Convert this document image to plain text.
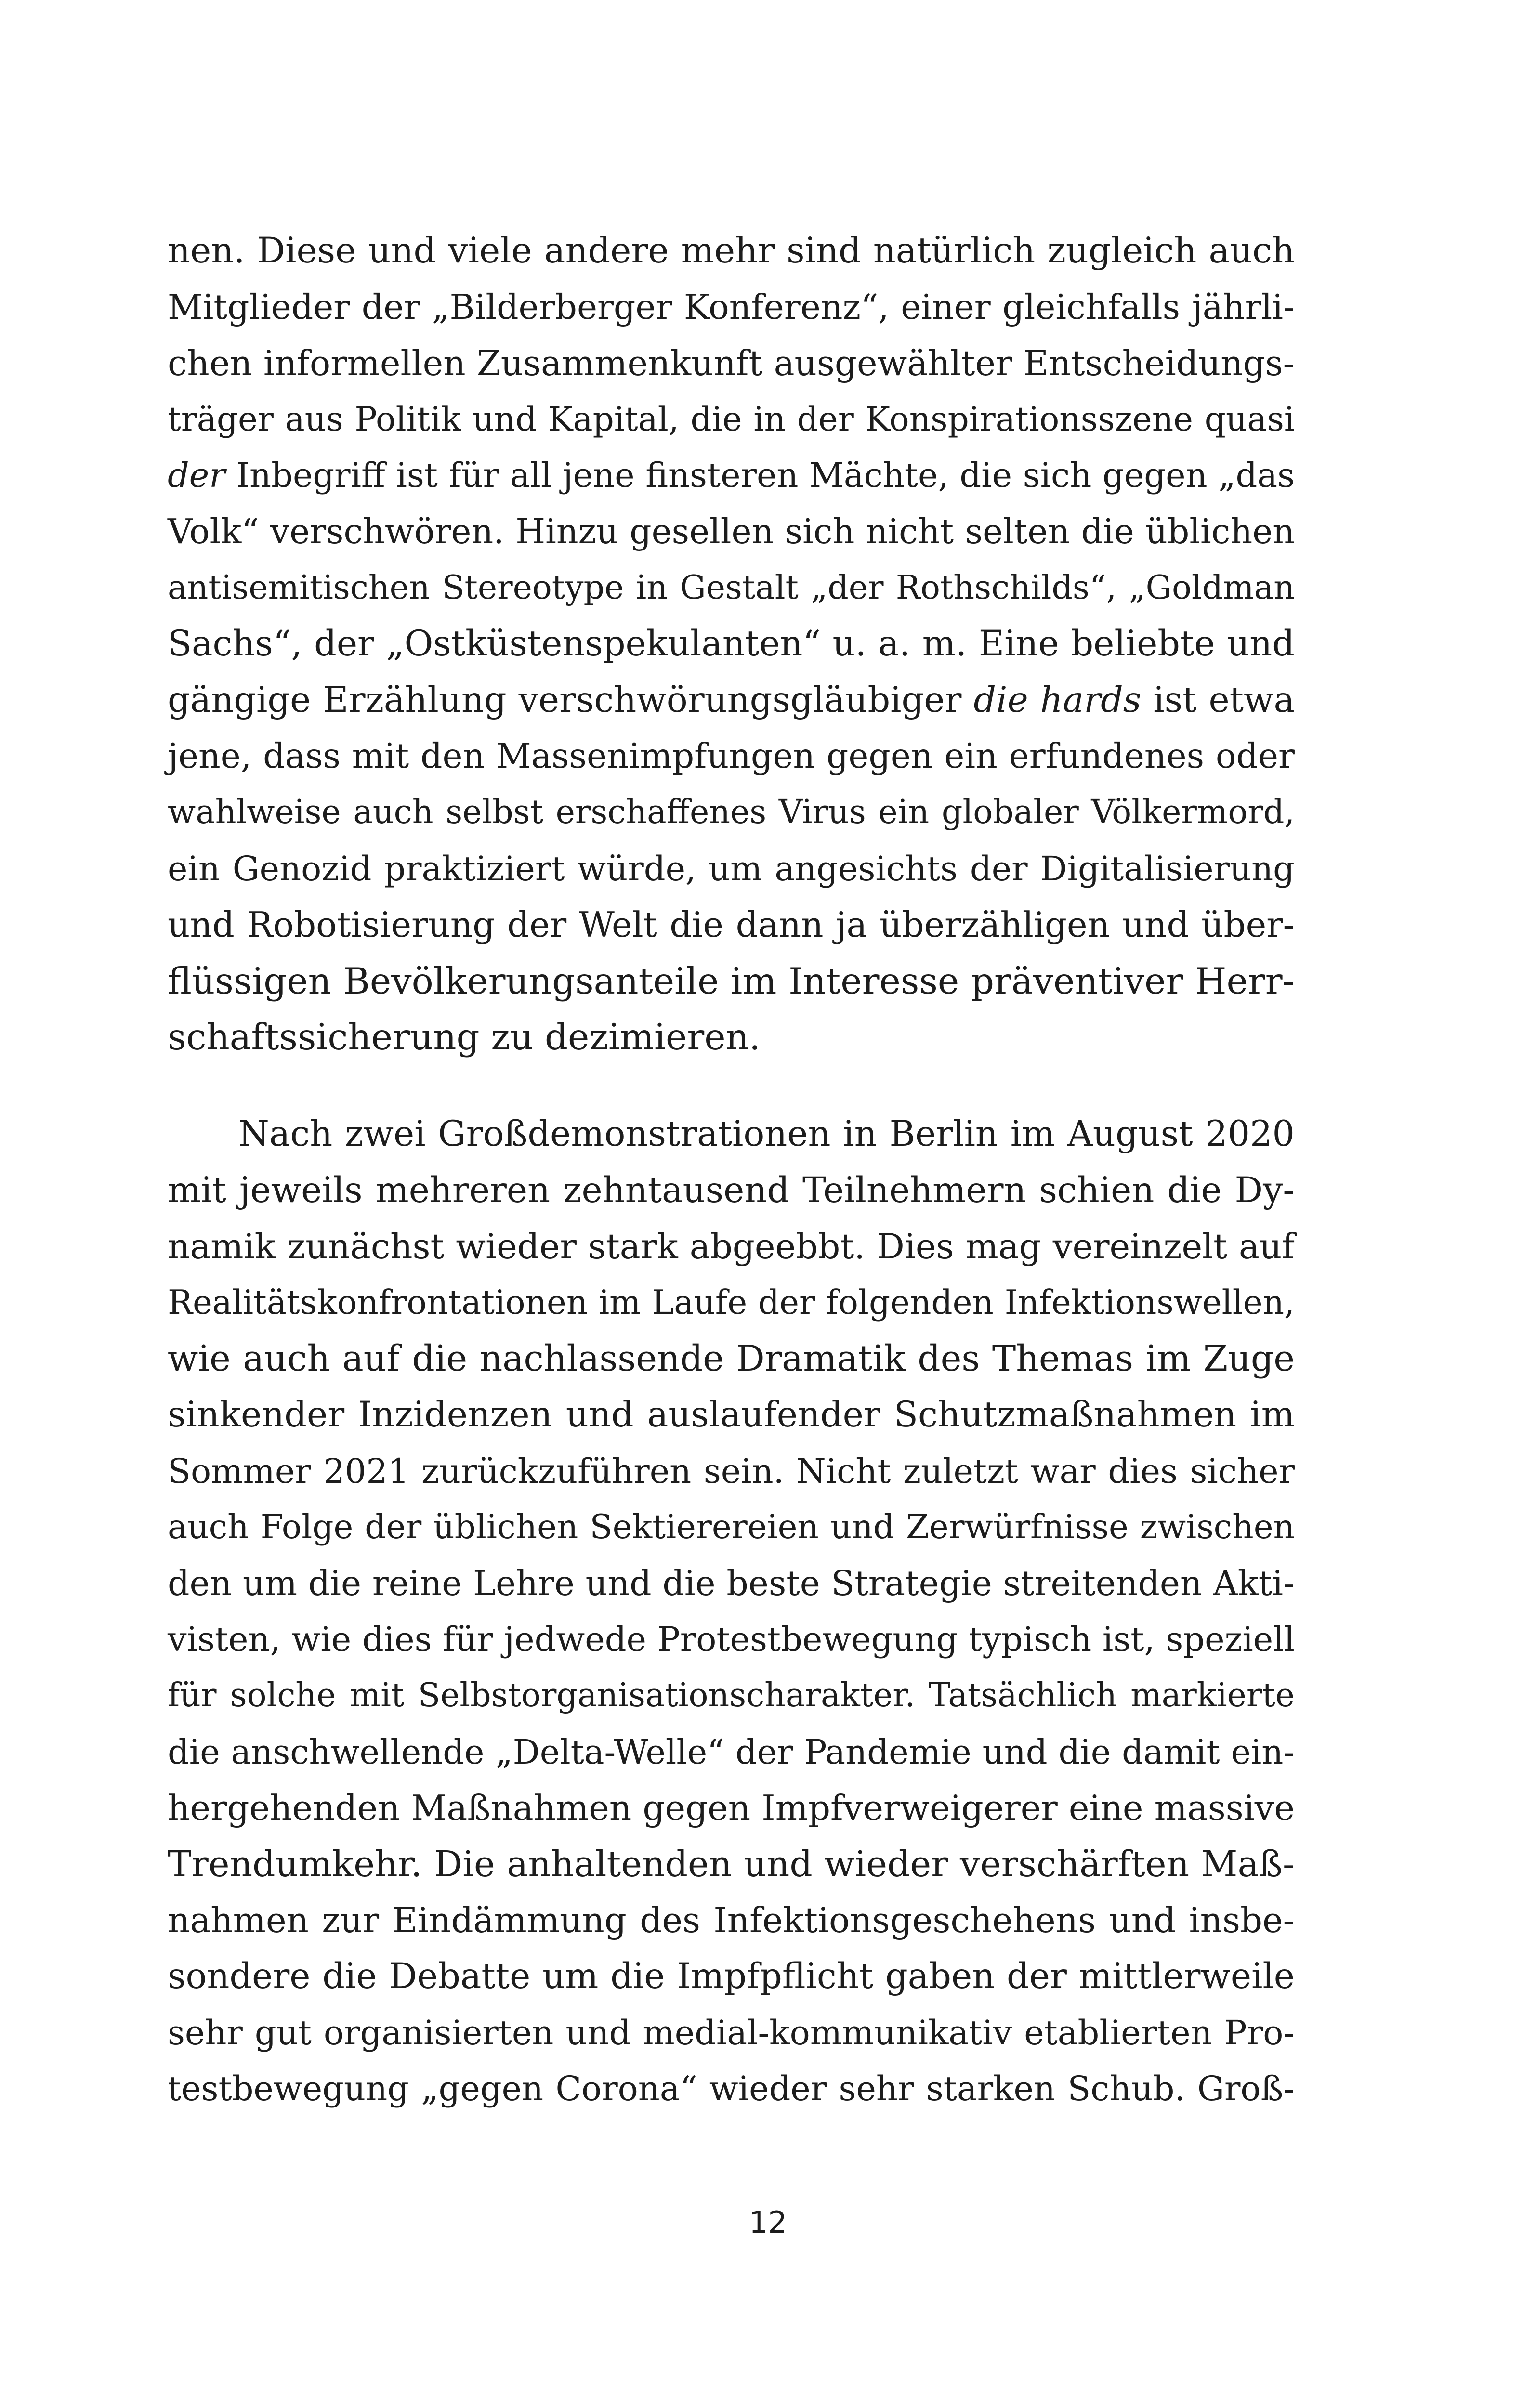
nen. Diese und viele andere mehr sind natürlich zugleich auch
Mitglieder der „Bilderberger Konferenz“, einer gleichfalls jährli-
chen informellen Zusammenkunft ausgewählter Entscheidungs-
träger aus Politik und Kapital, die in der Konspirationsszene quasi
der Inbegriff ist für all jene finsteren Mächte, die sich gegen „das
Volk“ verschwören. Hinzu gesellen sich nicht selten die üblichen
antisemitischen Stereotype in Gestalt „der Rothschilds“, „Goldman
Sachs“, der „Ostküstenspekulanten“ u. a. m. Eine beliebte und
gängige Erzählung verschwörungsgläubiger die hards ist etwa
jene, dass mit den Massenimpfungen gegen ein erfundenes oder
wahlweise auch selbst erschaffenes Virus ein globaler Völkermord,
ein Genozid praktiziert würde, um angesichts der Digitalisierung
und Robotisierung der Welt die dann ja überzähligen und über-
flüssigen Bevölkerungsanteile im Interesse präventiver Herr-
schaftssicherung zu dezimieren.
Nach zwei Großdemonstrationen in Berlin im August 2020
mit jeweils mehreren zehntausend Teilnehmern schien die Dy-
namik zunächst wieder stark abgeebbt. Dies mag vereinzelt auf
Realitätskonfrontationen im Laufe der folgenden Infektionswellen,
wie auch auf die nachlassende Dramatik des Themas im Zuge
sinkender Inzidenzen und auslaufender Schutzmaßnahmen im
Sommer 2021 zurückzuführen sein. Nicht zuletzt war dies sicher
auch Folge der üblichen Sektierereien und Zerwürfnisse zwischen
den um die reine Lehre und die beste Strategie streitenden Akti-
visten, wie dies für jedwede Protestbewegung typisch ist, speziell
für solche mit Selbstorganisationscharakter. Tatsächlich markierte
die anschwellende „Delta-Welle“ der Pandemie und die damit ein-
hergehenden Maßnahmen gegen Impfverweigerer eine massive
Trendumkehr. Die anhaltenden und wieder verschärften Maß-
nahmen zur Eindämmung des Infektionsgeschehens und insbe-
sondere die Debatte um die Impfpflicht gaben der mittlerweile
sehr gut organisierten und medial-kommunikativ etablierten Pro-
testbewegung „gegen Corona“ wieder sehr starken Schub. Groß-
12
